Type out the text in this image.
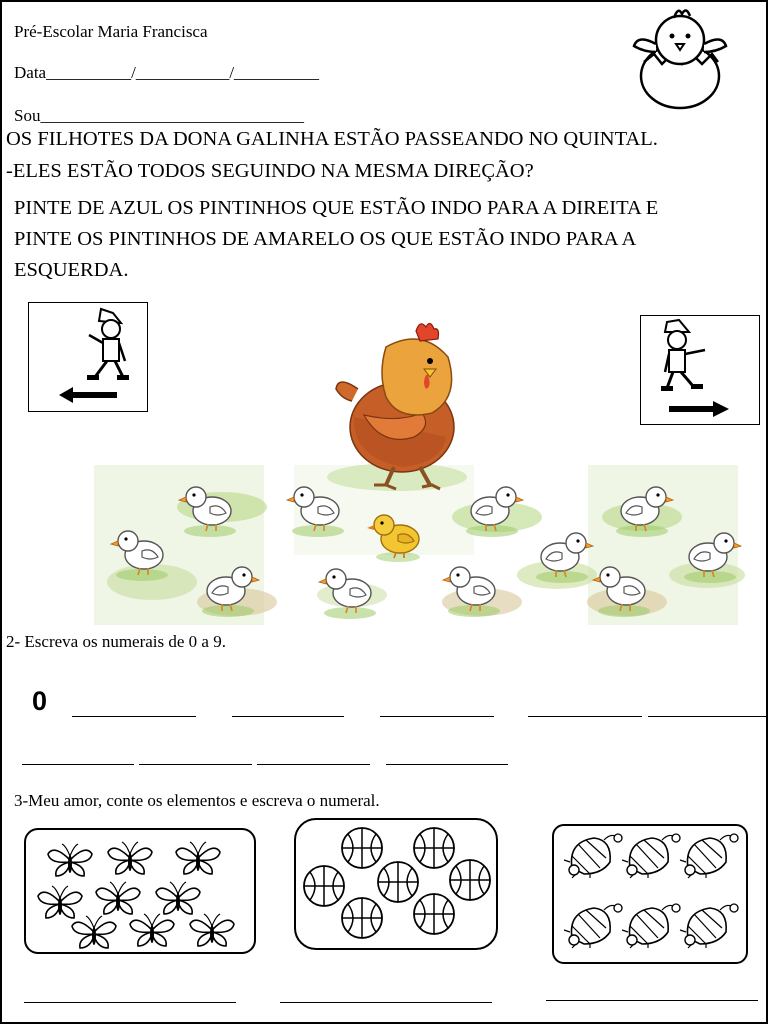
Pré-Escolar Maria Francisca
Data__________/___________/__________
Sou_______________________________
OS FILHOTES DA DONA GALINHA ESTÃO PASSEANDO NO QUINTAL.
-ELES ESTÃO TODOS SEGUINDO NA MESMA DIREÇÃO?
PINTE DE AZUL OS PINTINHOS QUE ESTÃO INDO PARA A DIREITA E
PINTE OS PINTINHOS DE AMARELO OS QUE ESTÃO INDO PARA A
ESQUERDA.
2- Escreva os numerais de 0 a 9.
0
3-Meu amor, conte os elementos e escreva o numeral.
